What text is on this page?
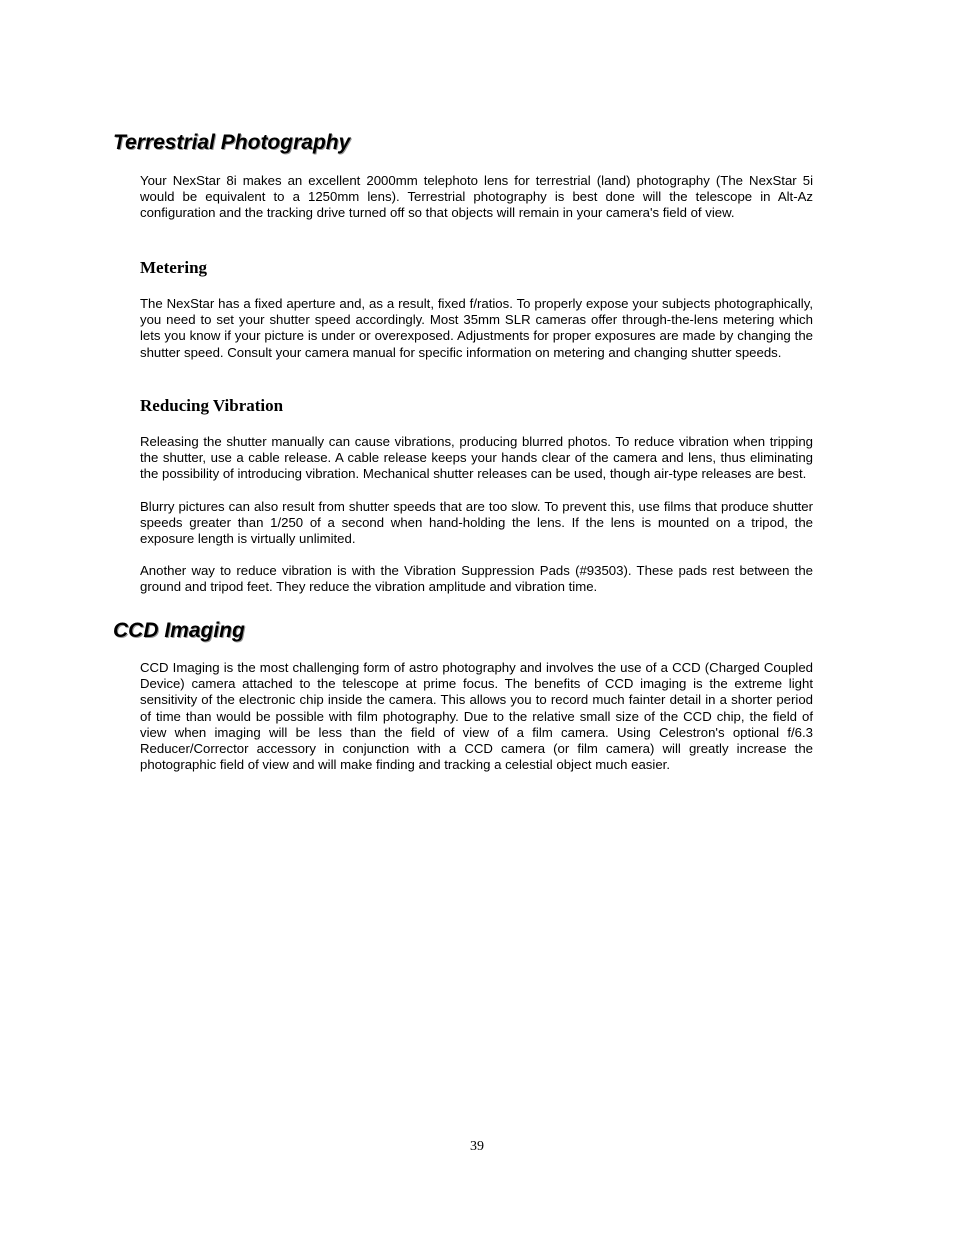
Terrestrial Photography

Your NexStar 8i makes an excellent 2000mm telephoto lens for terrestrial (land) photography (The NexStar 5i would be equivalent to a 1250mm lens). Terrestrial photography is best done will the telescope in Alt-Az configuration and the tracking drive turned off so that objects will remain in your camera's field of view.

Metering

The NexStar has a fixed aperture and, as a result, fixed f/ratios. To properly expose your subjects photographically, you need to set your shutter speed accordingly. Most 35mm SLR cameras offer through-the-lens metering which lets you know if your picture is under or overexposed. Adjustments for proper exposures are made by changing the shutter speed. Consult your camera manual for specific information on metering and changing shutter speeds.

Reducing Vibration

Releasing the shutter manually can cause vibrations, producing blurred photos. To reduce vibration when tripping the shutter, use a cable release. A cable release keeps your hands clear of the camera and lens, thus eliminating the possibility of introducing vibration. Mechanical shutter releases can be used, though air-type releases are best.

Blurry pictures can also result from shutter speeds that are too slow. To prevent this, use films that produce shutter speeds greater than 1/250 of a second when hand-holding the lens. If the lens is mounted on a tripod, the exposure length is virtually unlimited.

Another way to reduce vibration is with the Vibration Suppression Pads (#93503). These pads rest between the ground and tripod feet. They reduce the vibration amplitude and vibration time.

CCD Imaging

CCD Imaging is the most challenging form of astro photography and involves the use of a CCD (Charged Coupled Device) camera attached to the telescope at prime focus. The benefits of CCD imaging is the extreme light sensitivity of the electronic chip inside the camera. This allows you to record much fainter detail in a shorter period of time than would be possible with film photography. Due to the relative small size of the CCD chip, the field of view when imaging will be less than the field of view of a film camera. Using Celestron's optional f/6.3 Reducer/Corrector accessory in conjunction with a CCD camera (or film camera) will greatly increase the photographic field of view and will make finding and tracking a celestial object much easier.

39
